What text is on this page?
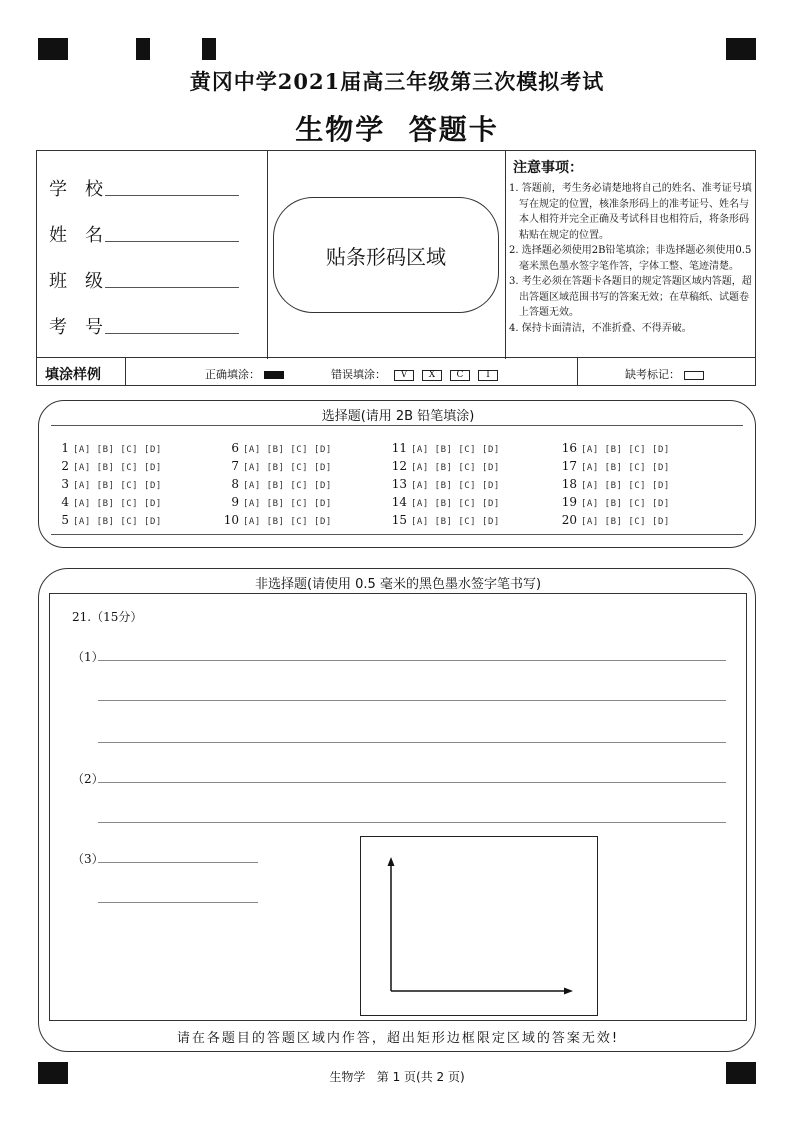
黄冈中学2021届高三年级第三次模拟考试
生物学  答题卡
学校
姓名
班级
考号
贴条形码区域
注意事项：
1. 答题前，考生务必请楚地将自己的姓名、准考证号填写在规定的位置，核准条形码上的准考证号、姓名与本人相符并完全正确及考试科目也相符后，将条形码粘贴在规定的位置。
2. 选择题必须使用2B铅笔填涂；非选择题必须使用0.5毫米黑色墨水签字笔作答，字体工整、笔迹清楚。
3. 考生必须在答题卡各题目的规定答题区域内答题，超出答题区域范围书写的答案无效；在草稿纸、试题卷上答题无效。
4. 保持卡面清洁，不准折叠、不得弄破。
填涂样例	正确填涂：	错误填涂： V X C	I	缺考标记：
选择题(请用 2B 铅笔填涂)
1 [A] [B] [C] [D]
2 [A] [B] [C] [D]
3 [A] [B] [C] [D]
4 [A] [B] [C] [D]
5 [A] [B] [C] [D]
6 [A] [B] [C] [D]
7 [A] [B] [C] [D]
8 [A] [B] [C] [D]
9 [A] [B] [C] [D]
10 [A] [B] [C] [D]
11 [A] [B] [C] [D]
12 [A] [B] [C] [D]
13 [A] [B] [C] [D]
14 [A] [B] [C] [D]
15 [A] [B] [C] [D]
16 [A] [B] [C] [D]
17 [A] [B] [C] [D]
18 [A] [B] [C] [D]
19 [A] [B] [C] [D]
20 [A] [B] [C] [D]
非选择题(请使用 0.5 毫米的黑色墨水签字笔书写)
21.（15分）
（1）
（2）
（3）
请在各题目的答题区域内作答，超出矩形边框限定区域的答案无效!
生物学   第 1 页(共 2 页)
